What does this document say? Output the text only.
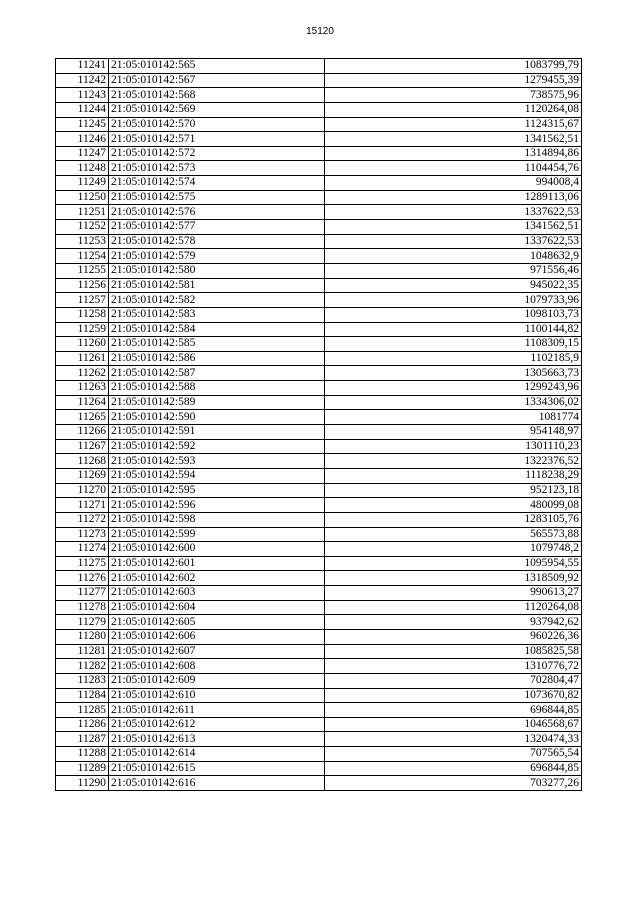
15120
11241	21:05:010142:565	1083799,79
11242	21:05:010142:567	1279455,39
11243	21:05:010142:568	738575,96
11244	21:05:010142:569	1120264,08
11245	21:05:010142:570	1124315,67
11246	21:05:010142:571	1341562,51
11247	21:05:010142:572	1314894,86
11248	21:05:010142:573	1104454,76
11249	21:05:010142:574	994008,4
11250	21:05:010142:575	1289113,06
11251	21:05:010142:576	1337622,53
11252	21:05:010142:577	1341562,51
11253	21:05:010142:578	1337622,53
11254	21:05:010142:579	1048632,9
11255	21:05:010142:580	971556,46
11256	21:05:010142:581	945022,35
11257	21:05:010142:582	1079733,96
11258	21:05:010142:583	1098103,73
11259	21:05:010142:584	1100144,82
11260	21:05:010142:585	1108309,15
11261	21:05:010142:586	1102185,9
11262	21:05:010142:587	1305663,73
11263	21:05:010142:588	1299243,96
11264	21:05:010142:589	1334306,02
11265	21:05:010142:590	1081774
11266	21:05:010142:591	954148,97
11267	21:05:010142:592	1301110,23
11268	21:05:010142:593	1322376,52
11269	21:05:010142:594	1118238,29
11270	21:05:010142:595	952123,18
11271	21:05:010142:596	480099,08
11272	21:05:010142:598	1283105,76
11273	21:05:010142:599	565573,88
11274	21:05:010142:600	1079748,2
11275	21:05:010142:601	1095954,55
11276	21:05:010142:602	1318509,92
11277	21:05:010142:603	990613,27
11278	21:05:010142:604	1120264,08
11279	21:05:010142:605	937942,62
11280	21:05:010142:606	960226,36
11281	21:05:010142:607	1085825,58
11282	21:05:010142:608	1310776,72
11283	21:05:010142:609	702804,47
11284	21:05:010142:610	1073670,82
11285	21:05:010142:611	696844,85
11286	21:05:010142:612	1046568,67
11287	21:05:010142:613	1320474,33
11288	21:05:010142:614	707565,54
11289	21:05:010142:615	696844,85
11290	21:05:010142:616	703277,26
